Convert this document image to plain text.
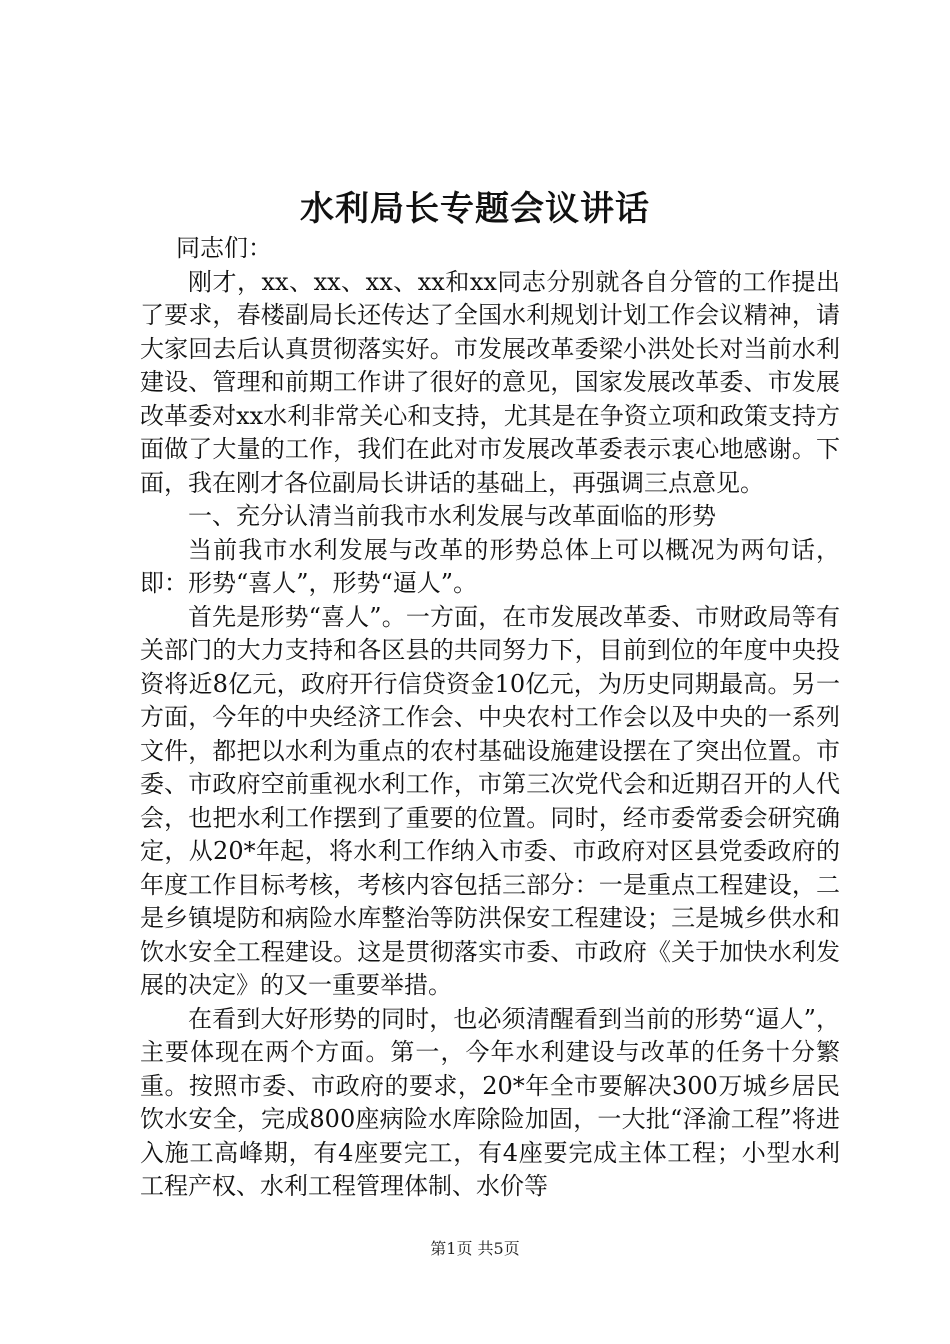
水利局长专题会议讲话

同志们：

刚才，xx、xx、xx、xx和xx同志分别就各自分管的工作提出了要求，春楼副局长还传达了全国水利规划计划工作会议精神，请大家回去后认真贯彻落实好。市发展改革委梁小洪处长对当前水利建设、管理和前期工作讲了很好的意见，国家发展改革委、市发展改革委对xx水利非常关心和支持，尤其是在争资立项和政策支持方面做了大量的工作，我们在此对市发展改革委表示衷心地感谢。下面，我在刚才各位副局长讲话的基础上，再强调三点意见。

一、充分认清当前我市水利发展与改革面临的形势

当前我市水利发展与改革的形势总体上可以概况为两句话，即：形势“喜人”，形势“逼人”。

首先是形势“喜人”。一方面，在市发展改革委、市财政局等有关部门的大力支持和各区县的共同努力下，目前到位的年度中央投资将近8亿元，政府开行信贷资金10亿元，为历史同期最高。另一方面，今年的中央经济工作会、中央农村工作会以及中央的一系列文件，都把以水利为重点的农村基础设施建设摆在了突出位置。市委、市政府空前重视水利工作，市第三次党代会和近期召开的人代会，也把水利工作摆到了重要的位置。同时，经市委常委会研究确定，从20*年起，将水利工作纳入市委、市政府对区县党委政府的年度工作目标考核，考核内容包括三部分：一是重点工程建设，二是乡镇堤防和病险水库整治等防洪保安工程建设；三是城乡供水和饮水安全工程建设。这是贯彻落实市委、市政府《关于加快水利发展的决定》的又一重要举措。

在看到大好形势的同时，也必须清醒看到当前的形势“逼人”，主要体现在两个方面。第一，今年水利建设与改革的任务十分繁重。按照市委、市政府的要求，20*年全市要解决300万城乡居民饮水安全，完成800座病险水库除险加固，一大批“泽渝工程”将进入施工高峰期，有4座要完工，有4座要完成主体工程；小型水利工程产权、水利工程管理体制、水价等

第1页 共5页
